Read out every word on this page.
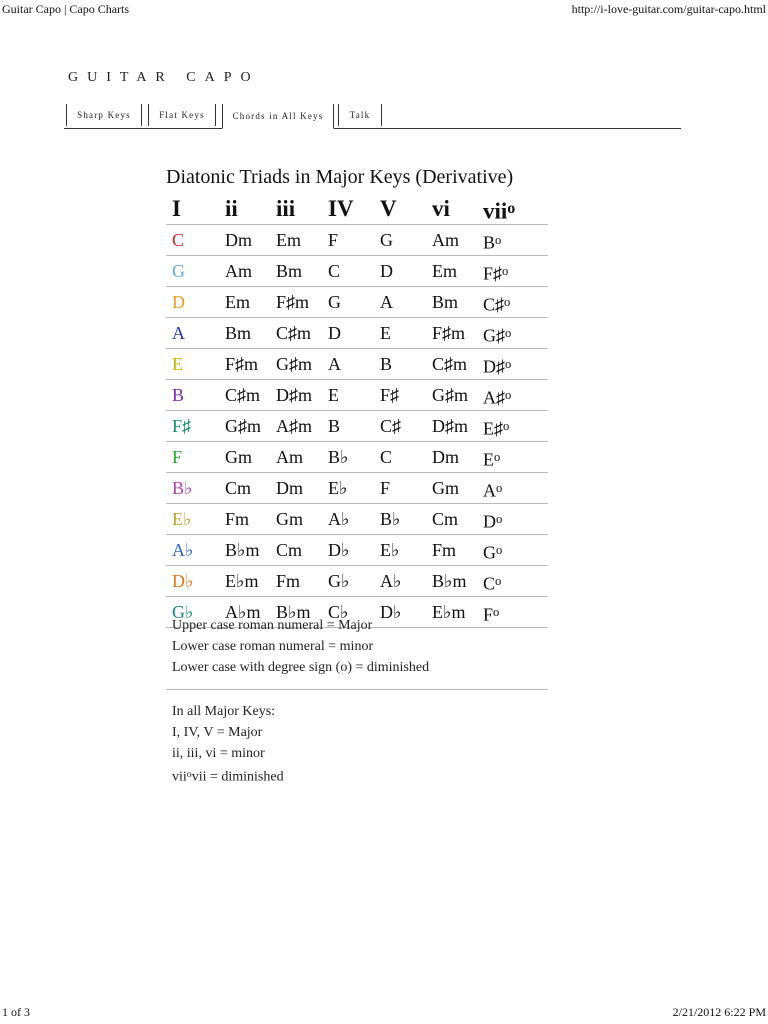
Guitar Capo | Capo Charts	http://i-love-guitar.com/guitar-capo.html
GUITAR CAPO
Sharp Keys	Flat Keys	Chords in All Keys	Talk
Diatonic Triads in Major Keys (Derivative)
I ii iii IV V vi vii$^o$
C Dm Em F G Am $B^o$
G Am Bm C D Em F♯$^o$
D Em F♯m G A Bm C♯$^o$
A Bm C♯m D E F♯m G♯$^o$
E F♯m G♯m A B C♯m D♯$^o$
B C♯m D♯m E F♯ G♯m A♯$^o$
F♯ G♯m A♯m B C♯ D♯m E♯$^o$
F Gm Am B♭ C Dm $E^o$
B♭ Cm Dm E♭ F Gm $A^o$
E♭ Fm Gm A♭ B♭ Cm $D^o$
A♭ B♭m Cm D♭ E♭ Fm $G^o$
D♭ E♭m Fm G♭ A♭ B♭m $C^o$
G♭ A♭m B♭m C♭ D♭ E♭m $F^o$
Upper case roman numeral = Major
Lower case roman numeral = minor
Lower case with degree sign (o) = diminished
In all Major Keys:
I, IV, V = Major
ii, iii, vi = minor
vii$^o$vii = diminished
1 of 3	2/21/2012 6:22 PM
